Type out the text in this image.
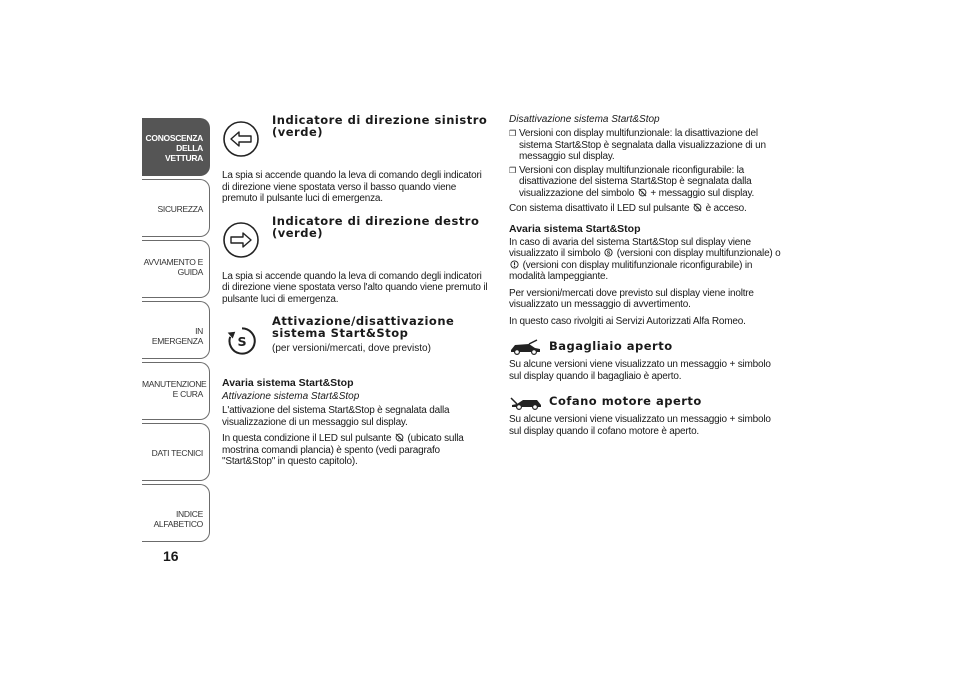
CONOSCENZA DELLA VETTURA
SICUREZZA
AVVIAMENTO E GUIDA
IN EMERGENZA
MANUTENZIONE E CURA
DATI TECNICI
INDICE ALFABETICO
16
Indicatore di direzione sinistro (verde)

La spia si accende quando la leva di comando degli indicatori di direzione viene spostata verso il basso quando viene premuto il pulsante luci di emergenza.

Indicatore di direzione destro (verde)

La spia si accende quando la leva di comando degli indicatori di direzione viene spostata verso l'alto quando viene premuto il pulsante luci di emergenza.

S
Attivazione/disattivazione sistema Start&Stop
(per versioni/mercati, dove previsto)
Avaria sistema Start&Stop
Attivazione sistema Start&Stop

L'attivazione del sistema Start&Stop è segnalata dalla visualizzazione di un messaggio sul display.

In questa condizione il LED sul pulsante A (ubicato sulla mostrina comandi plancia) è spento (vedi paragrafo "Start&Stop" in questo capitolo).

Disattivazione sistema Start&Stop
❒ Versioni con display multifunzionale: la disattivazione del sistema Start&Stop è segnalata dalla visualizzazione di un messaggio sul display.
❒ Versioni con display multifunzionale riconfigurabile: la disattivazione del sistema Start&Stop è segnalata dalla visualizzazione del simbolo A + messaggio sul display.

Con sistema disattivato il LED sul pulsante A è acceso.

Avaria sistema Start&Stop

In caso di avaria del sistema Start&Stop sul display viene visualizzato il simbolo S (versioni con display multifunzionale) o  (versioni con display mulitifunzionale riconfigurabile) in modalità lampeggiante.

Per versioni/mercati dove previsto sul display viene inoltre visualizzato un messaggio di avvertimento.

In questo caso rivolgiti ai Servizi Autorizzati Alfa Romeo.

Bagagliaio aperto

Su alcune versioni viene visualizzato un messaggio + simbolo sul display quando il bagagliaio è aperto.

Cofano motore aperto

Su alcune versioni viene visualizzato un messaggio + simbolo sul display quando il cofano motore è aperto.
